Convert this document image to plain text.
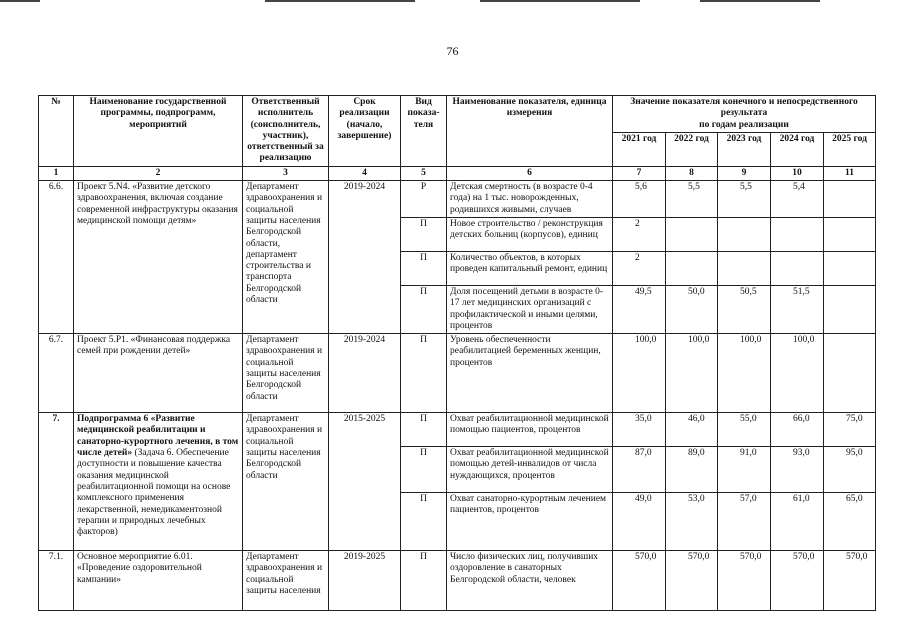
76
№	Наименование государственной программы, подпрограмм, мероприятий	Ответственный исполнитель (соисполнитель, участник), ответственный за реализацию	Срок реализации (начало, завершение)	Вид показа-теля	Наименование показателя, единица измерения	Значение показателя конечного и непосредственного результата
по годам реализации				

						2021 год	2022 год	2023 год	2024 год	2025 год
1	2	3	4	5	6	7	8	9	10	11
6.6.	Проект 5.N4. «Развитие детского здравоохранения, включая создание современной инфраструктуры оказания медицинской помощи детям»	Департамент здравоохранения и социальной защиты населения Белгородской области, департамент строительства и транспорта Белгородской области	2019-2024	Р	Детская смертность (в возрасте 0-4 года) на 1 тыс. новорожденных, родившихся живыми, случаев	5,6	5,5	5,5	5,4	
				П	Новое строительство / реконструкция детских больниц (корпусов), единиц	2				
				П	Количество объектов, в которых проведен капитальный ремонт, единиц	2				
				П	Доля посещений детьми в возрасте 0-17 лет медицинских организаций с профилактической и иными целями, процентов	49,5	50,0	50,5	51,5	
6.7.	Проект 5.P1. «Финансовая поддержка семей при рождении детей»	Департамент здравоохранения и социальной защиты населения Белгородской области	2019-2024	П	Уровень обеспеченности реабилитацией беременных женщин, процентов	100,0	100,0	100,0	100,0	
7.	Подпрограмма 6 «Развитие медицинской реабилитации и санаторно-курортного лечения, в том числе детей» (Задача 6. Обеспечение доступности и повышение качества оказания медицинской реабилитационной помощи на основе комплексного применения лекарственной, немедикаментозной терапии и природных лечебных факторов)	Департамент здравоохранения и социальной защиты населения Белгородской области	2015-2025	П	Охват реабилитационной медицинской помощью пациентов, процентов	35,0	46,0	55,0	66,0	75,0
				П	Охват реабилитационной медицинской помощью детей-инвалидов от числа нуждающихся, процентов	87,0	89,0	91,0	93,0	95,0
				П	Охват санаторно-курортным лечением пациентов, процентов	49,0	53,0	57,0	61,0	65,0
7.1.	Основное мероприятие 6.01. «Проведение оздоровительной кампании»	Департамент здравоохранения и социальной защиты населения	2019-2025	П	Число физических лиц, получивших оздоровление в санаторных Белгородской области, человек	570,0	570,0	570,0	570,0	570,0
